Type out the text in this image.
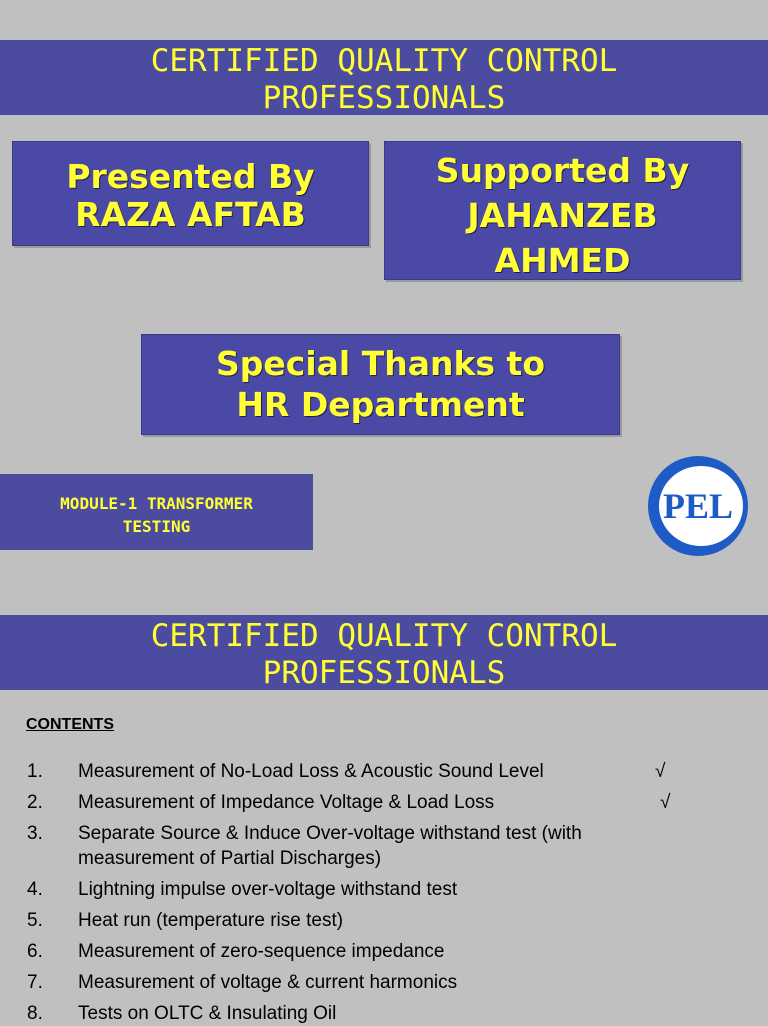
CERTIFIED QUALITY CONTROL
PROFESSIONALS
Presented By
RAZA AFTAB
Supported By
JAHANZEB
AHMED
Special Thanks to
HR Department
MODULE-1 TRANSFORMER
TESTING
PEL
CERTIFIED QUALITY CONTROL
PROFESSIONALS
CONTENTS
1. Measurement of No-Load Loss & Acoustic Sound Level	√
2. Measurement of Impedance Voltage & Load Loss	√
3. Separate Source & Induce Over-voltage withstand test (with
measurement of Partial Discharges)
4. Lightning impulse over-voltage withstand test
5. Heat run (temperature rise test)
6. Measurement of zero-sequence impedance
7. Measurement of voltage & current harmonics
8. Tests on OLTC & Insulating Oil
